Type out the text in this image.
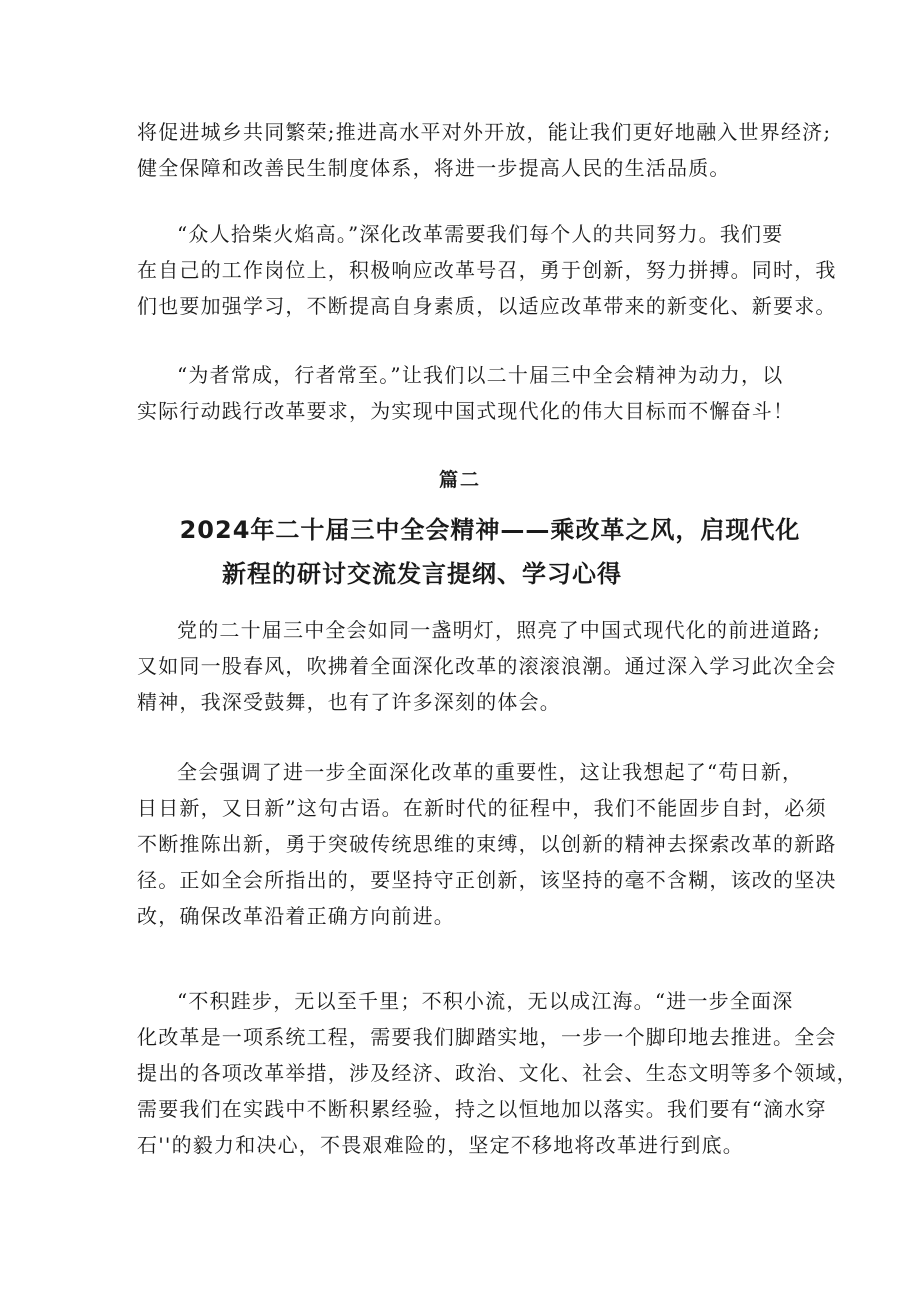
将促进城乡共同繁荣;推进高水平对外开放，能让我们更好地融入世界经济;
健全保障和改善民生制度体系，将进一步提高人民的生活品质。
“众人拾柴火焰高。”深化改革需要我们每个人的共同努力。我们要
在自己的工作岗位上，积极响应改革号召，勇于创新，努力拼搏。同时，我
们也要加强学习，不断提高自身素质，以适应改革带来的新变化、新要求。
“为者常成，行者常至。”让我们以二十届三中全会精神为动力，以
实际行动践行改革要求，为实现中国式现代化的伟大目标而不懈奋斗！
篇二
2024年二十届三中全会精神——乘改革之风，启现代化
新程的研讨交流发言提纲、学习心得
党的二十届三中全会如同一盏明灯，照亮了中国式现代化的前进道路;
又如同一股春风，吹拂着全面深化改革的滚滚浪潮。通过深入学习此次全会
精神，我深受鼓舞，也有了许多深刻的体会。
全会强调了进一步全面深化改革的重要性，这让我想起了“苟日新，
日日新，又日新”这句古语。在新时代的征程中，我们不能固步自封，必须
不断推陈出新，勇于突破传统思维的束缚，以创新的精神去探索改革的新路
径。正如全会所指出的，要坚持守正创新，该坚持的毫不含糊，该改的坚决
改，确保改革沿着正确方向前进。
“不积跬步，无以至千里；不积小流，无以成江海。“进一步全面深
化改革是一项系统工程，需要我们脚踏实地，一步一个脚印地去推进。全会
提出的各项改革举措，涉及经济、政治、文化、社会、生态文明等多个领域，
需要我们在实践中不断积累经验，持之以恒地加以落实。我们要有“滴水穿
石''的毅力和决心，不畏艰难险的，坚定不移地将改革进行到底。
